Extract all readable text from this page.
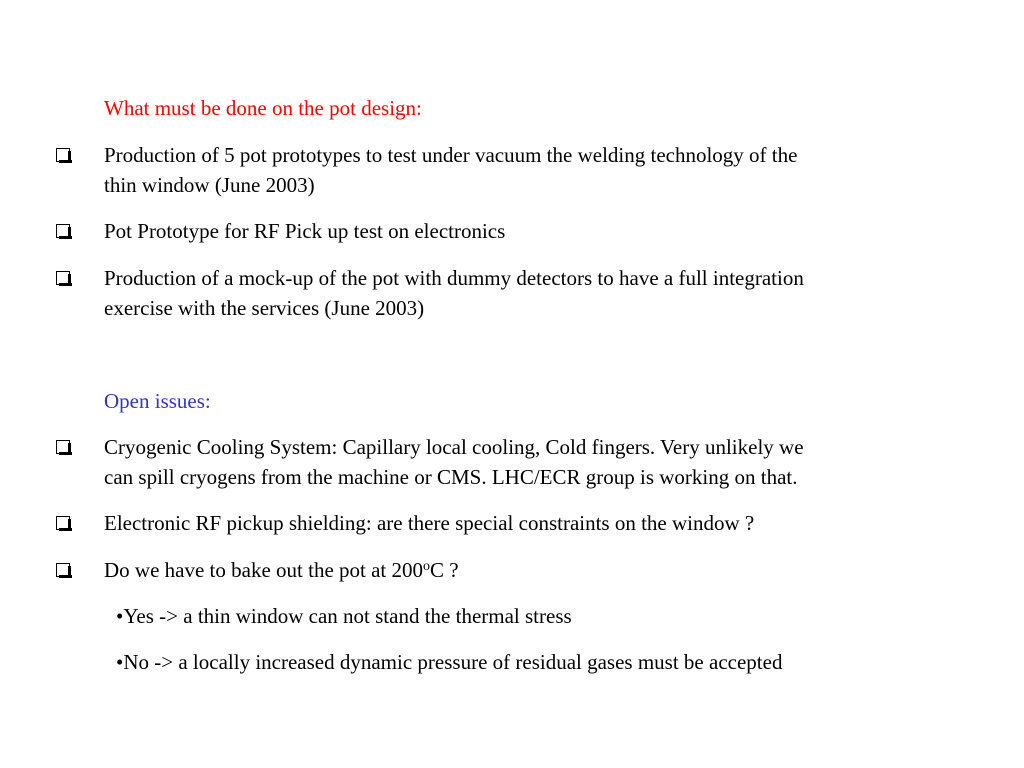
What must be done on the pot design:
Production of 5 pot prototypes to test under vacuum the welding technology of the
thin window (June 2003)
Pot Prototype for RF Pick up test on electronics
Production of a mock-up of the pot with dummy detectors to have a full integration
exercise with the services (June 2003)
Open issues:
Cryogenic Cooling System: Capillary local cooling, Cold fingers. Very unlikely we
can spill cryogens from the machine or CMS. LHC/ECR group is working on that.
Electronic RF pickup shielding: are there special constraints on the window ?
Do we have to bake out the pot at 200$^o$C ?
•Yes -> a thin window can not stand the thermal stress
•No -> a locally increased dynamic pressure of residual gases must be accepted
